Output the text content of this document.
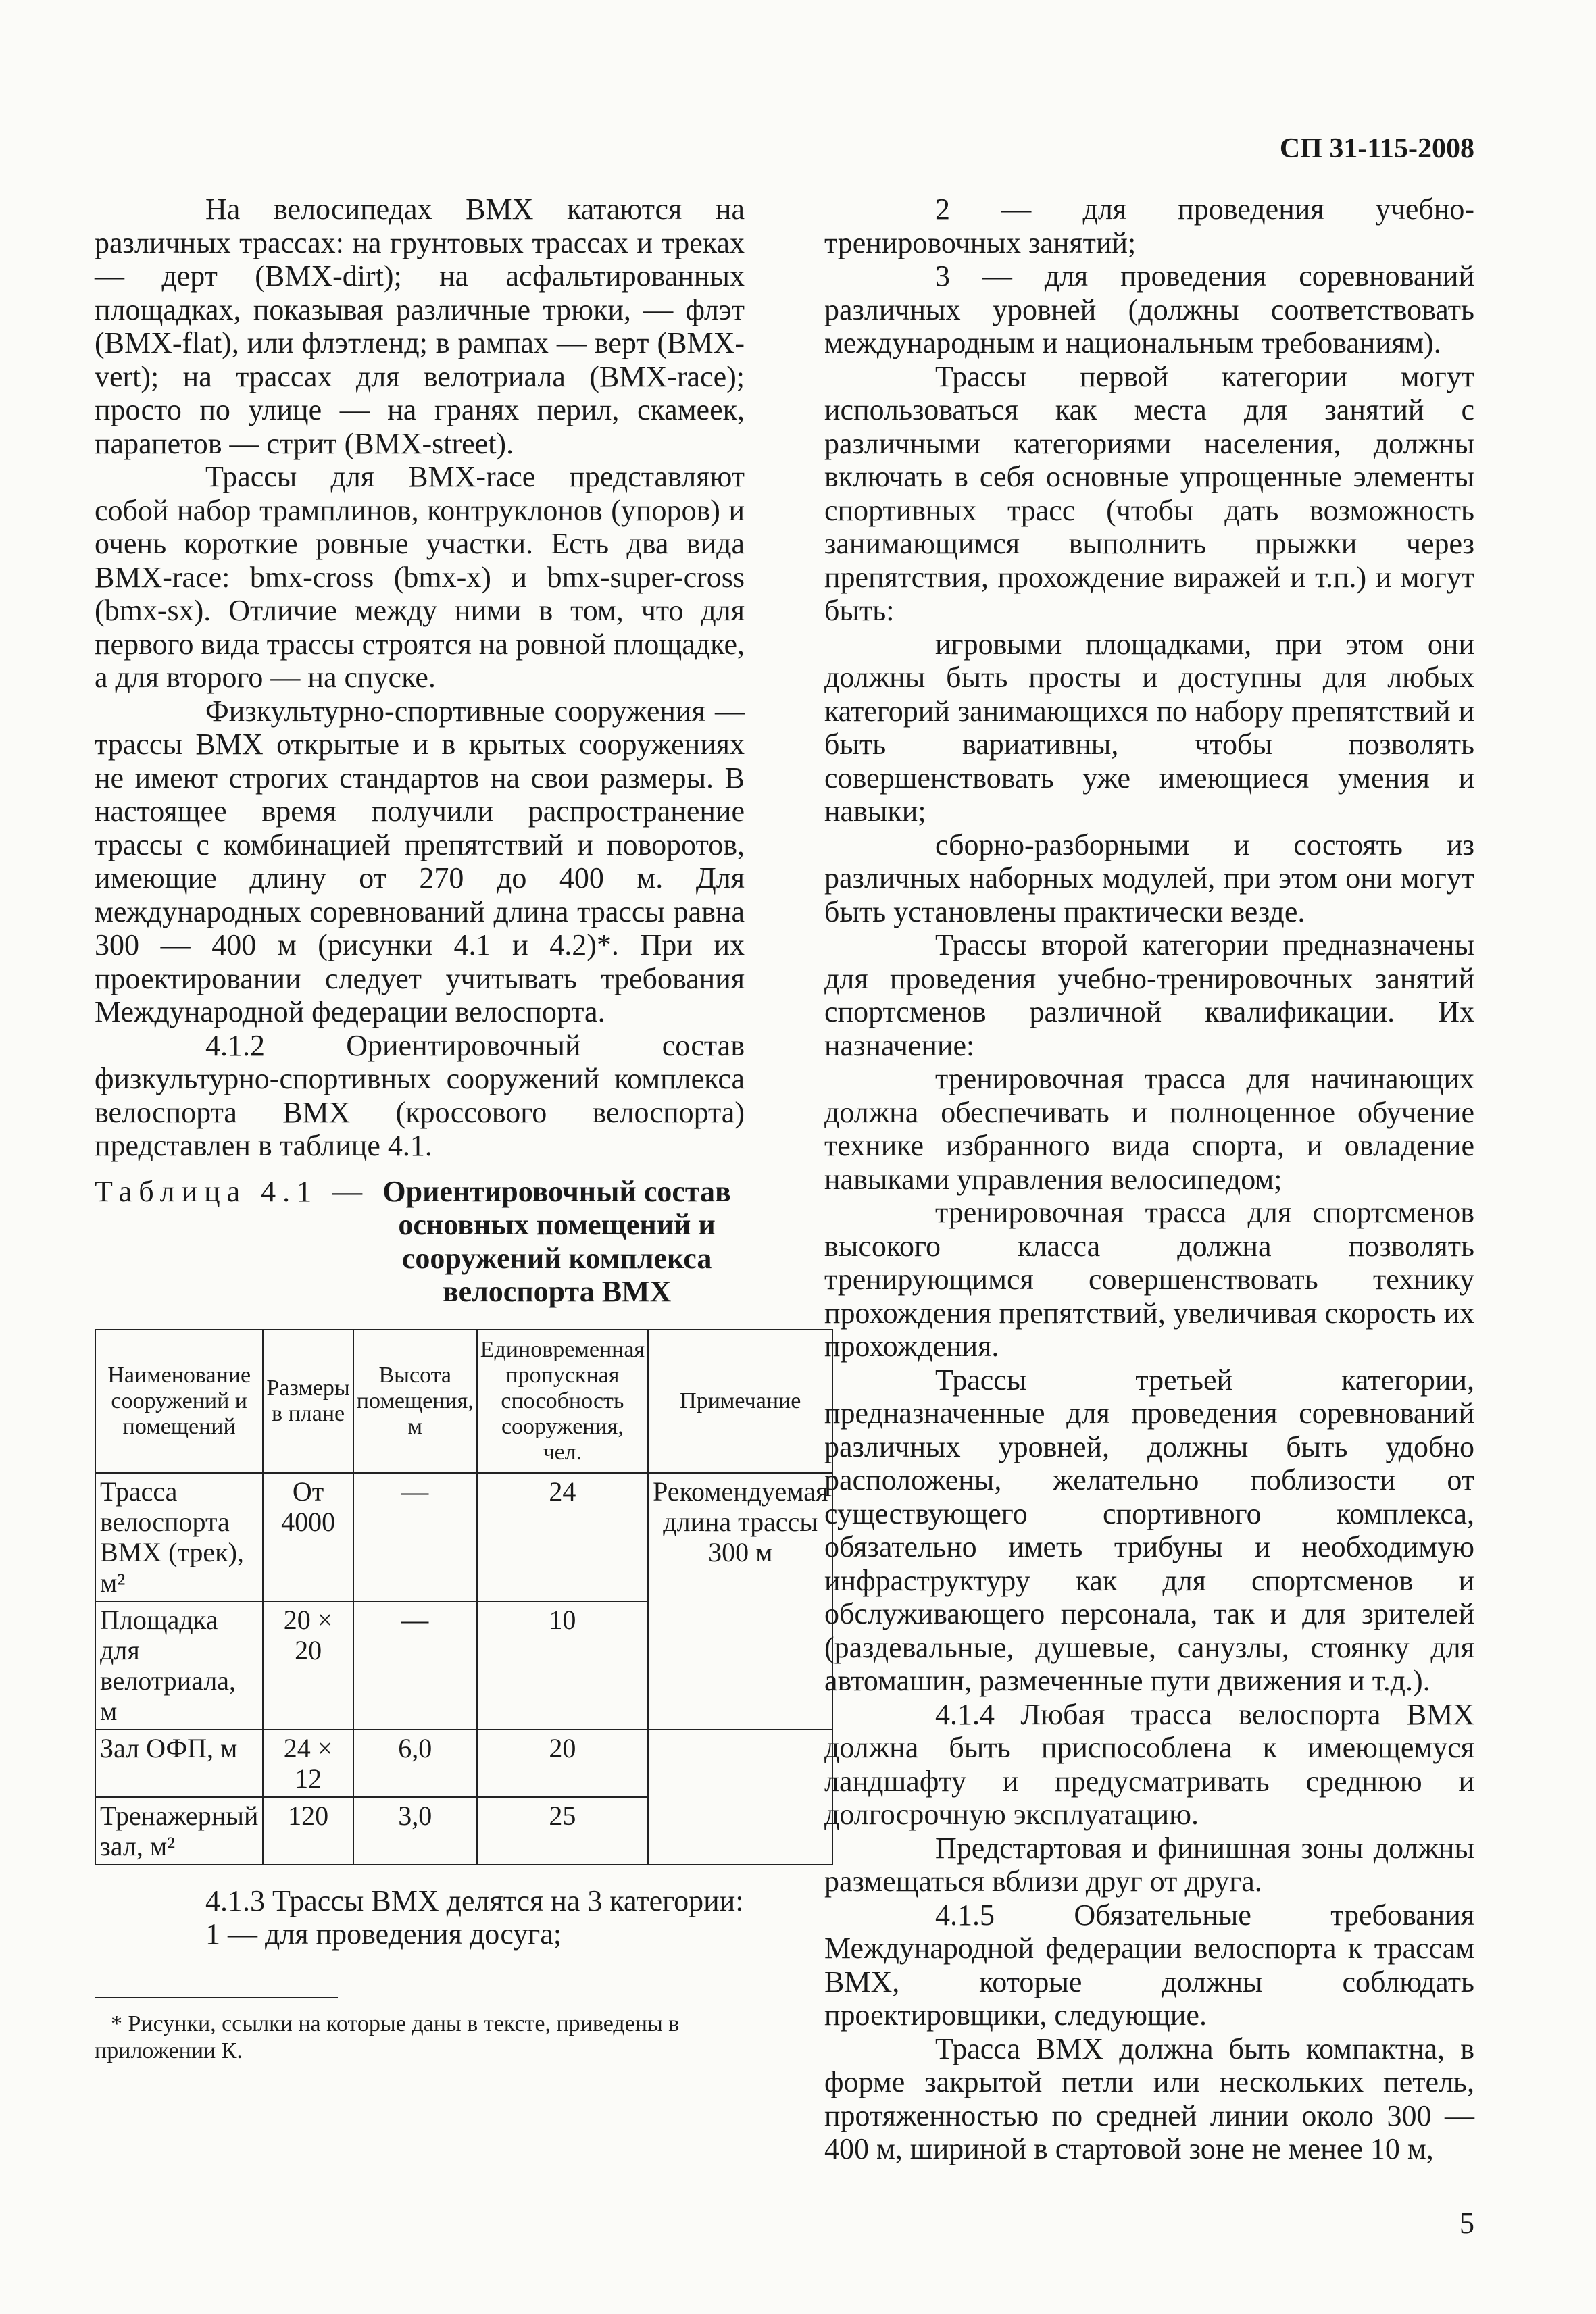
СП 31-115-2008

На велосипедах BMX катаются на различных трассах: на грунтовых трассах и треках — дерт (BMX-dirt); на асфальтированных площадках, показывая различные трюки, — флэт (BMX-flat), или флэтленд; в рампах — верт (BMX-vert); на трассах для велотриала (BMX-race); просто по улице — на гранях перил, скамеек, парапетов — стрит (BMX-street).

Трассы для BMX-race представляют собой набор трамплинов, контруклонов (упоров) и очень короткие ровные участки. Есть два вида BMX-race: bmx-cross (bmx-x) и bmx-super-cross (bmx-sx). Отличие между ними в том, что для первого вида трассы строятся на ровной площадке, а для второго — на спуске.

Физкультурно-спортивные сооружения — трассы BMX открытые и в крытых сооружениях не имеют строгих стандартов на свои размеры. В настоящее время получили распространение трассы с комбинацией препятствий и поворотов, имеющие длину от 270 до 400 м. Для международных соревнований длина трассы равна 300 — 400 м (рисунки 4.1 и 4.2)*. При их проектировании следует учитывать требования Международной федерации велоспорта.

4.1.2 Ориентировочный состав физкультурно-спортивных сооружений комплекса велоспорта BMX (кроссового велоспорта) представлен в таблице 4.1.

Таблица 4.1 — Ориентировочный состав основных помещений и сооружений комплекса велоспорта BMX
Наименование сооружений и помещений	Размеры в плане	Высота помещения, м	Единовременная пропускная способность сооружения, чел.	Примечание
Трасса велоспорта BMX (трек), м²	От 4000	—	24	Рекомендуемая длина трассы 300 м
Площадка для велотриала, м	20 × 20	—	10	
Зал ОФП, м	24 × 12	6,0	20	
Тренажерный зал, м²	120	3,0	25	

4.1.3 Трассы BMX делятся на 3 категории:

1 — для проведения досуга;

* Рисунки, ссылки на которые даны в тексте, приведены в приложении К.

2 — для проведения учебно-тренировочных занятий;

3 — для проведения соревнований различных уровней (должны соответствовать международным и национальным требованиям).

Трассы первой категории могут использоваться как места для занятий с различными категориями населения, должны включать в себя основные упрощенные элементы спортивных трасс (чтобы дать возможность занимающимся выполнить прыжки через препятствия, прохождение виражей и т.п.) и могут быть:

игровыми площадками, при этом они должны быть просты и доступны для любых категорий занимающихся по набору препятствий и быть вариативны, чтобы позволять совершенствовать уже имеющиеся умения и навыки;

сборно-разборными и состоять из различных наборных модулей, при этом они могут быть установлены практически везде.

Трассы второй категории предназначены для проведения учебно-тренировочных занятий спортсменов различной квалификации. Их назначение:

тренировочная трасса для начинающих должна обеспечивать и полноценное обучение технике избранного вида спорта, и овладение навыками управления велосипедом;

тренировочная трасса для спортсменов высокого класса должна позволять тренирующимся совершенствовать технику прохождения препятствий, увеличивая скорость их прохождения.

Трассы третьей категории, предназначенные для проведения соревнований различных уровней, должны быть удобно расположены, желательно поблизости от существующего спортивного комплекса, обязательно иметь трибуны и необходимую инфраструктуру как для спортсменов и обслуживающего персонала, так и для зрителей (раздевальные, душевые, санузлы, стоянку для автомашин, размеченные пути движения и т.д.).

4.1.4 Любая трасса велоспорта BMX должна быть приспособлена к имеющемуся ландшафту и предусматривать среднюю и долгосрочную эксплуатацию.

Предстартовая и финишная зоны должны размещаться вблизи друг от друга.

4.1.5 Обязательные требования Международной федерации велоспорта к трассам BMX, которые должны соблюдать проектировщики, следующие.

Трасса BMX должна быть компактна, в форме закрытой петли или нескольких петель, протяженностью по средней линии около 300 — 400 м, шириной в стартовой зоне не менее 10 м,

5
